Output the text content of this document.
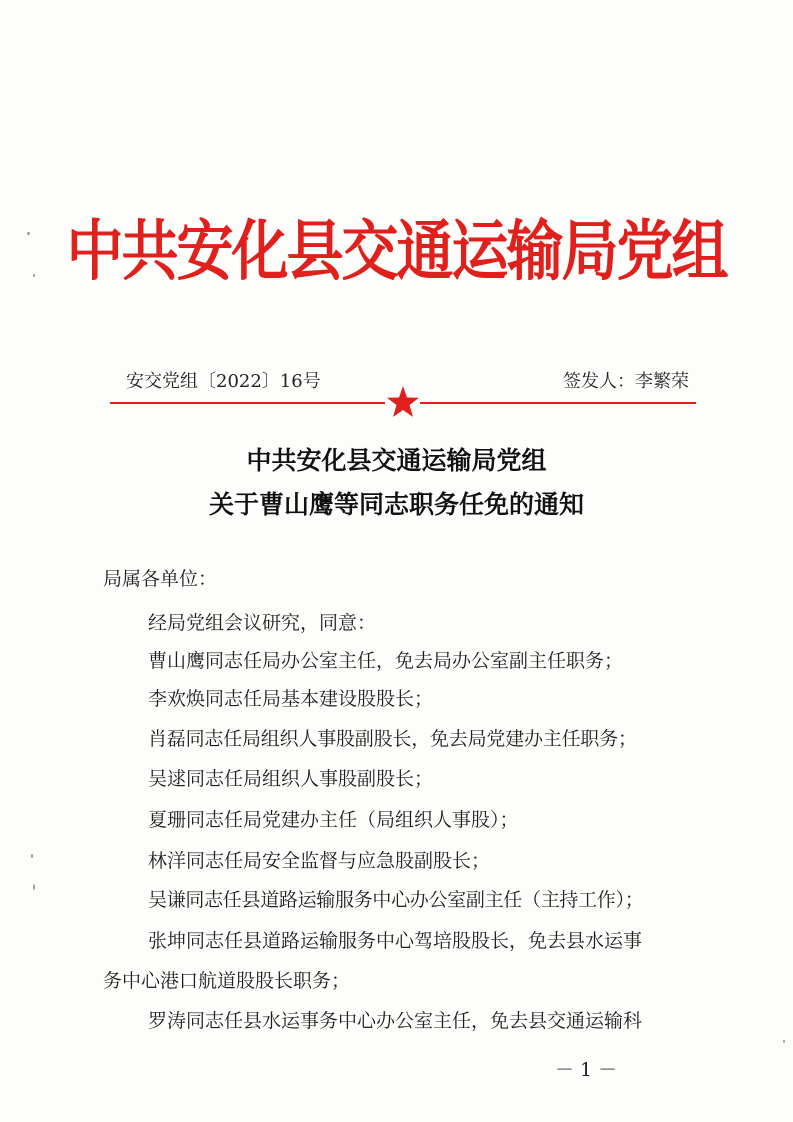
中共安化县交通运输局党组
安交党组〔2022〕16号	签发人：李繁荣
中共安化县交通运输局党组
关于曹山鹰等同志职务任免的通知
局属各单位：
经局党组会议研究，同意：
曹山鹰同志任局办公室主任，免去局办公室副主任职务；
李欢焕同志任局基本建设股股长；
肖磊同志任局组织人事股副股长，免去局党建办主任职务；
吴逑同志任局组织人事股副股长；
夏珊同志任局党建办主任（局组织人事股）；
林洋同志任局安全监督与应急股副股长；
吴谦同志任县道路运输服务中心办公室副主任（主持工作）；
张坤同志任县道路运输服务中心驾培股股长，免去县水运事
务中心港口航道股股长职务；
罗涛同志任县水运事务中心办公室主任，免去县交通运输科
－ 1 －
